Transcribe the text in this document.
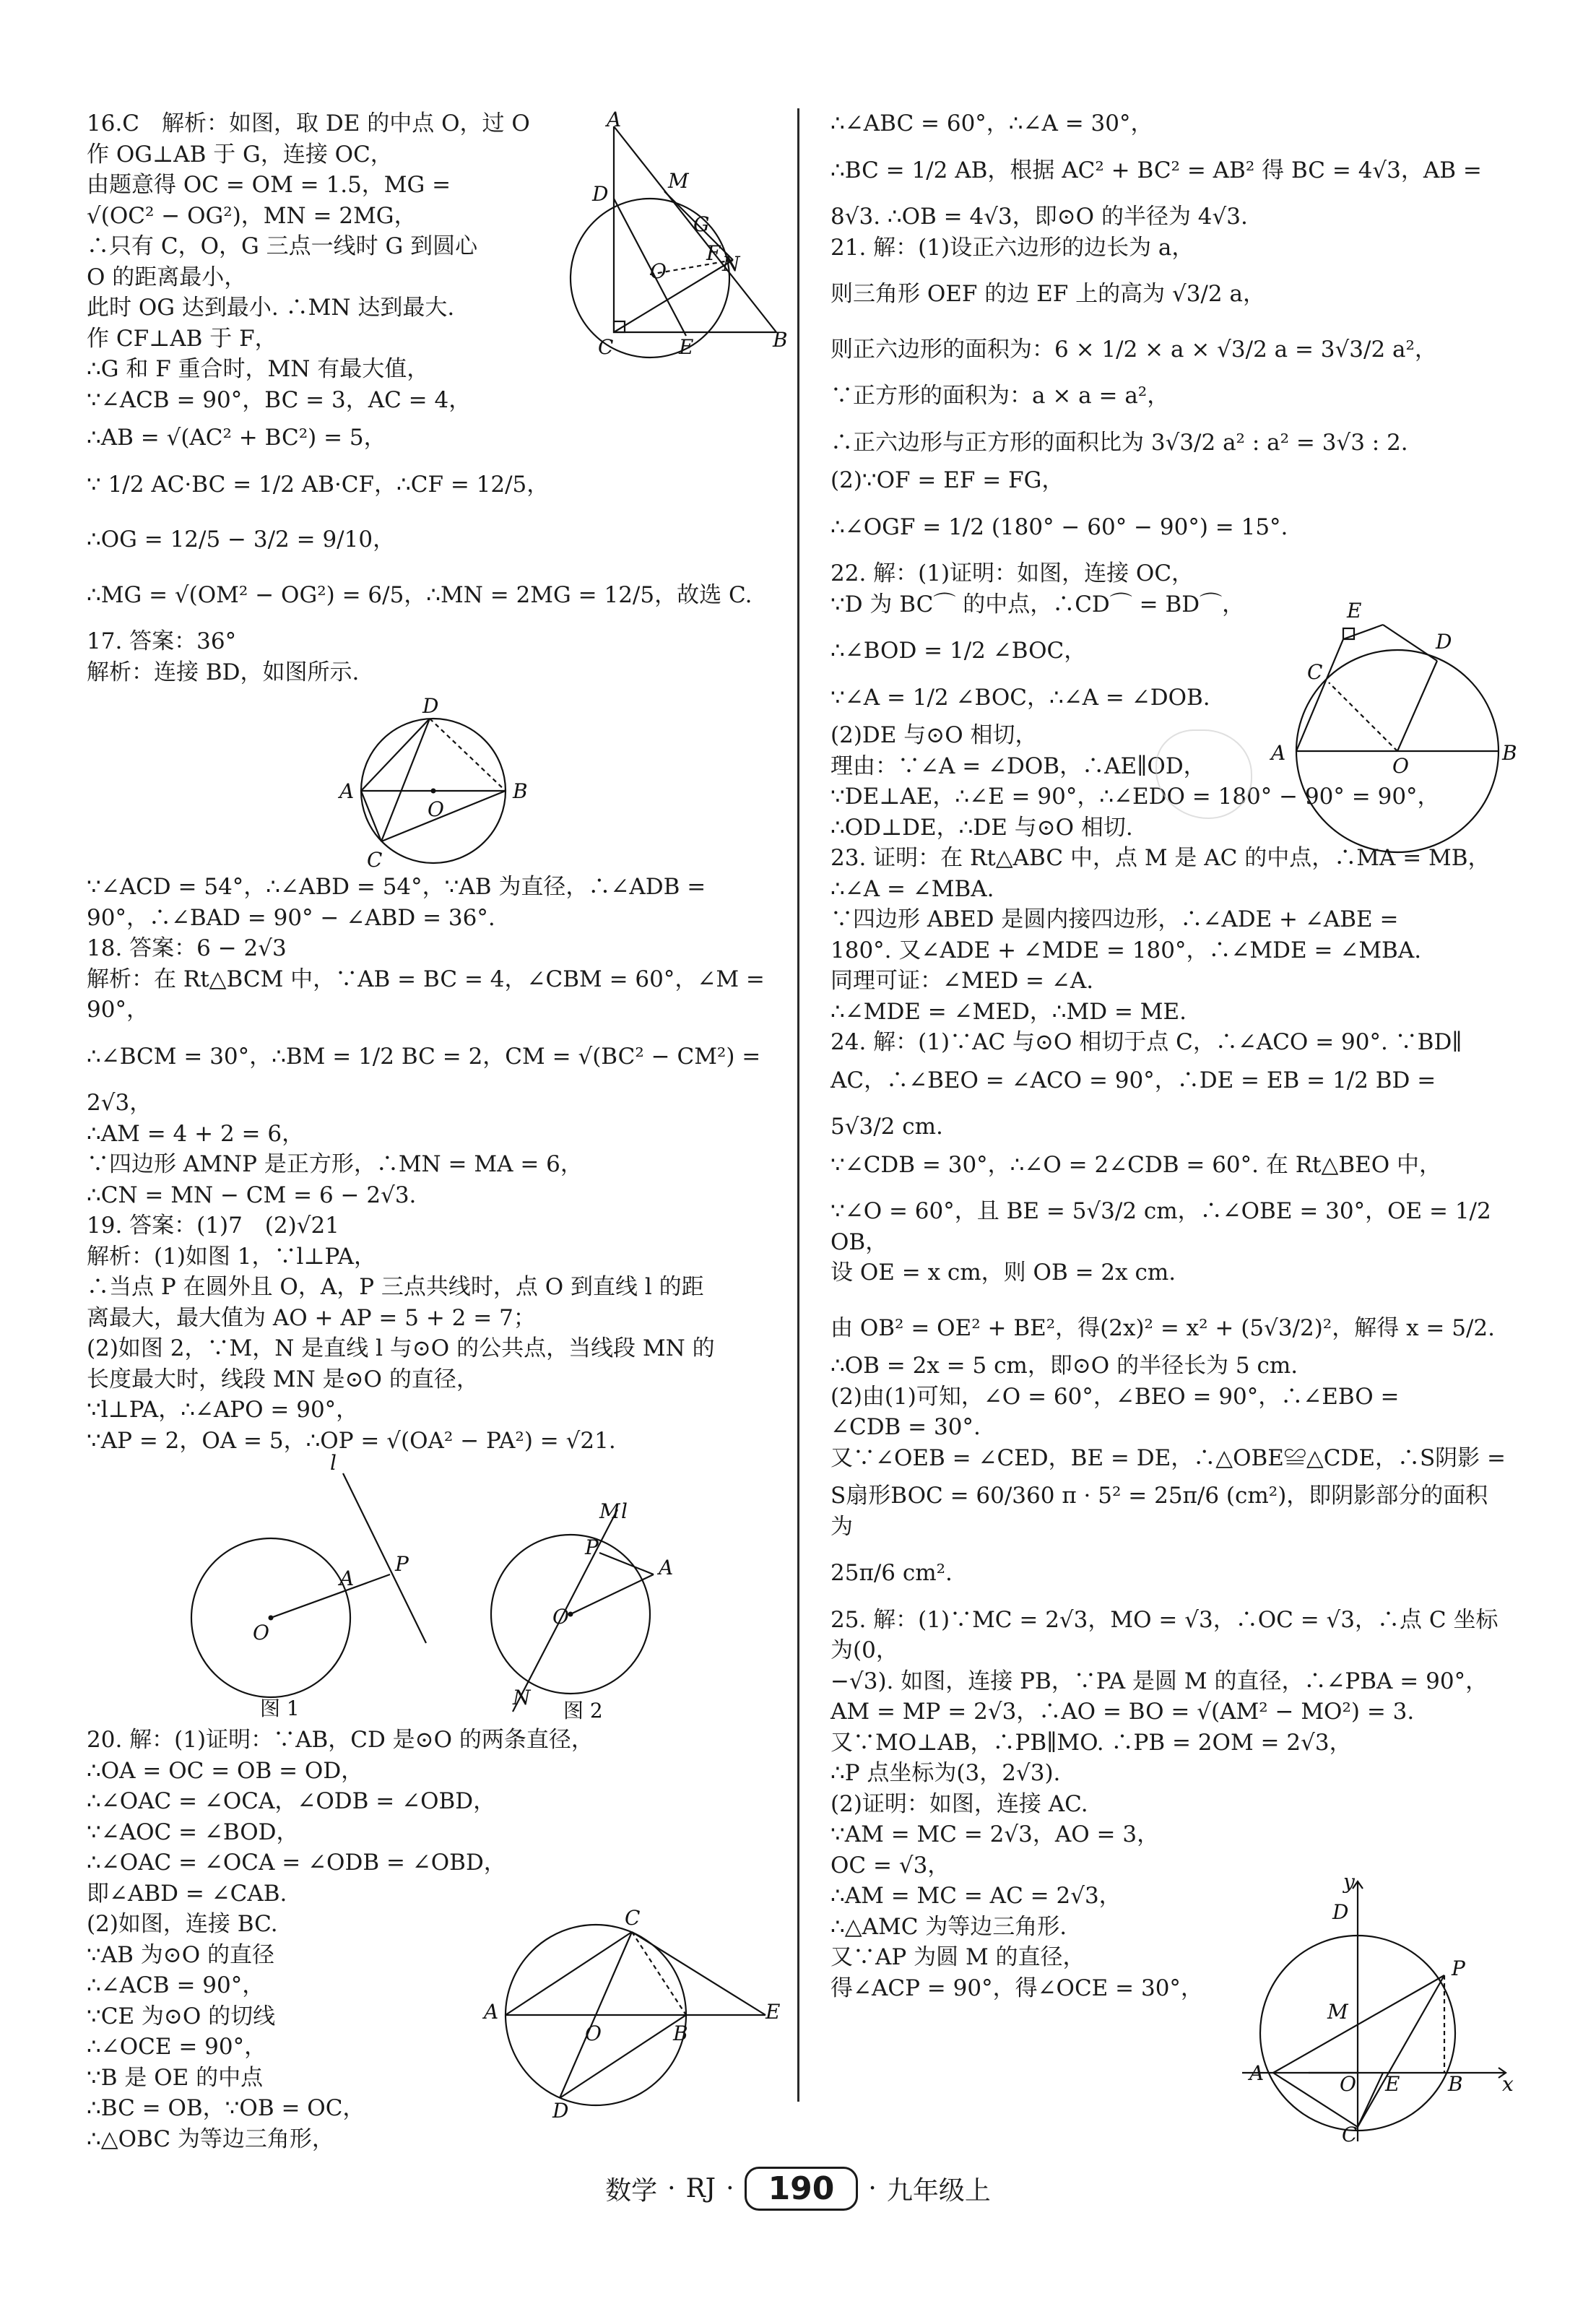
16.C　解析：如图，取 DE 的中点 O，过 O

作 OG⊥AB 于 G，连接 OC，

由题意得 OC = OM = 1.5，MG =

√(OC² − OG²)，MN = 2MG，

∴只有 C，O，G 三点一线时 G 到圆心

O 的距离最小，

此时 OG 达到最小. ∴MN 达到最大.

作 CF⊥AB 于 F，

∴G 和 F 重合时，MN 有最大值，

∵∠ACB = 90°，BC = 3，AC = 4，

∴AB = √(AC² + BC²) = 5，

∵ 1/2 AC·BC = 1/2 AB·CF，∴CF = 12/5，

∴OG = 12/5 − 3/2 = 9/10，

∴MG = √(OM² − OG²) = 6/5，∴MN = 2MG = 12/5，故选 C.

17. 答案：36°

解析：连接 BD，如图所示.

∵∠ACD = 54°，∴∠ABD = 54°，∵AB 为直径，∴∠ADB =

90°，∴∠BAD = 90° − ∠ABD = 36°.

18. 答案：6 − 2√3

解析：在 Rt△BCM 中，∵AB = BC = 4，∠CBM = 60°，∠M = 90°，

∴∠BCM = 30°，∴BM = 1/2 BC = 2，CM = √(BC² − CM²) =

2√3，

∴AM = 4 + 2 = 6，

∵四边形 AMNP 是正方形，∴MN = MA = 6，

∴CN = MN − CM = 6 − 2√3.

19. 答案：(1)7　(2)√21

解析：(1)如图 1，∵l⊥PA，

∴当点 P 在圆外且 O，A，P 三点共线时，点 O 到直线 l 的距

离最大，最大值为 AO + AP = 5 + 2 = 7；

(2)如图 2，∵M，N 是直线 l 与⊙O 的公共点，当线段 MN 的

长度最大时，线段 MN 是⊙O 的直径，

∵l⊥PA，∴∠APO = 90°，

∵AP = 2，OA = 5，∴OP = √(OA² − PA²) = √21.

20. 解：(1)证明：∵AB，CD 是⊙O 的两条直径，

∴OA = OC = OB = OD，

∴∠OAC = ∠OCA，∠ODB = ∠OBD，

∵∠AOC = ∠BOD，

∴∠OAC = ∠OCA = ∠ODB = ∠OBD，

即∠ABD = ∠CAB.

(2)如图，连接 BC.

∵AB 为⊙O 的直径

∴∠ACB = 90°，

∵CE 为⊙O 的切线

∴∠OCE = 90°，

∵B 是 OE 的中点

∴BC = OB，∵OB = OC，

∴△OBC 为等边三角形，

∴∠ABC = 60°，∴∠A = 30°，

∴BC = 1/2 AB，根据 AC² + BC² = AB² 得 BC = 4√3，AB =

8√3. ∴OB = 4√3，即⊙O 的半径为 4√3.

21. 解：(1)设正六边形的边长为 a，

则三角形 OEF 的边 EF 上的高为 √3/2 a，

则正六边形的面积为：6 × 1/2 × a × √3/2 a = 3√3/2 a²，

∵正方形的面积为：a × a = a²，

∴正六边形与正方形的面积比为 3√3/2 a² : a² = 3√3 : 2.

(2)∵OF = EF = FG，

∴∠OGF = 1/2 (180° − 60° − 90°) = 15°.

22. 解：(1)证明：如图，连接 OC，

∵D 为 BC⌒ 的中点，∴CD⌒ = BD⌒，

∴∠BOD = 1/2 ∠BOC，

∵∠A = 1/2 ∠BOC，∴∠A = ∠DOB.

(2)DE 与⊙O 相切，

理由：∵∠A = ∠DOB，∴AE∥OD，

∵DE⊥AE，∴∠E = 90°，∴∠EDO = 180° − 90° = 90°，

∴OD⊥DE，∴DE 与⊙O 相切.

23. 证明：在 Rt△ABC 中，点 M 是 AC 的中点，∴MA = MB，

∴∠A = ∠MBA.

∵四边形 ABED 是圆内接四边形，∴∠ADE + ∠ABE =

180°. 又∠ADE + ∠MDE = 180°，∴∠MDE = ∠MBA.

同理可证：∠MED = ∠A.

∴∠MDE = ∠MED，∴MD = ME.

24. 解：(1)∵AC 与⊙O 相切于点 C，∴∠ACO = 90°. ∵BD∥

AC，∴∠BEO = ∠ACO = 90°，∴DE = EB = 1/2 BD =

5√3/2 cm.

∵∠CDB = 30°，∴∠O = 2∠CDB = 60°. 在 Rt△BEO 中，

∵∠O = 60°，且 BE = 5√3/2 cm，∴∠OBE = 30°，OE = 1/2 OB，

设 OE = x cm，则 OB = 2x cm.

由 OB² = OE² + BE²，得(2x)² = x² + (5√3/2)²，解得 x = 5/2.

∴OB = 2x = 5 cm，即⊙O 的半径长为 5 cm.

(2)由(1)可知，∠O = 60°，∠BEO = 90°，∴∠EBO =

∠CDB = 30°.

又∵∠OEB = ∠CED，BE = DE，∴△OBE≌△CDE，∴S阴影 =

S扇形BOC = 60/360 π · 5² = 25π/6 (cm²)，即阴影部分的面积为

25π/6 cm².

25. 解：(1)∵MC = 2√3，MO = √3，∴OC = √3，∴点 C 坐标为(0，

−√3). 如图，连接 PB，∵PA 是圆 M 的直径，∴∠PBA = 90°，

AM = MP = 2√3，∴AO = BO = √(AM² − MO²) = 3.

又∵MO⊥AB，∴PB∥MO. ∴PB = 2OM = 2√3，

∴P 点坐标为(3，2√3).

(2)证明：如图，连接 AC.

∵AM = MC = 2√3，AO = 3，

OC = √3，

∴AM = MC = AC = 2√3，

∴△AMC 为等边三角形.

又∵AP 为圆 M 的直径，

得∠ACP = 90°，得∠OCE = 30°，

A
D
M
G
F N
O
C	E	B
D
A
O
B
C
l
P
A
O
图 1
M l
P
A
O
N
图 2
C
A
O	B
E
D
E
D
C
A
O
B
y
D
P
M
A	O E B x
C
数学 · RJ ·	190	· 九年级上
